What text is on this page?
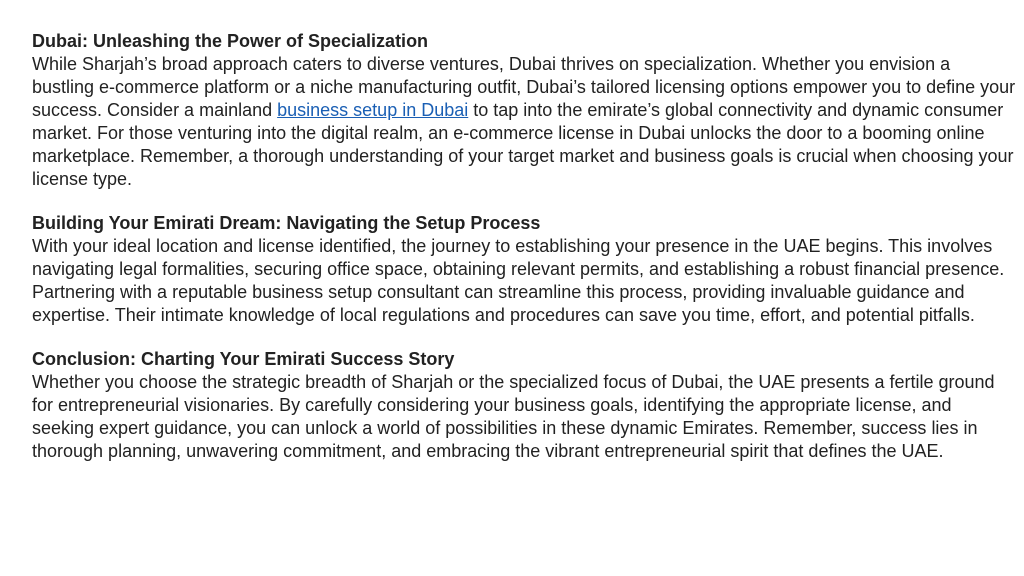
Dubai: Unleashing the Power of Specialization

While Sharjah’s broad approach caters to diverse ventures, Dubai thrives on specialization. Whether you envision a bustling e-commerce platform or a niche manufacturing outfit, Dubai’s tailored licensing options empower you to define your success. Consider a mainland business setup in Dubai to tap into the emirate’s global connectivity and dynamic consumer market. For those venturing into the digital realm, an e-commerce license in Dubai unlocks the door to a booming online marketplace. Remember, a thorough understanding of your target market and business goals is crucial when choosing your license type.

Building Your Emirati Dream: Navigating the Setup Process

With your ideal location and license identified, the journey to establishing your presence in the UAE begins. This involves navigating legal formalities, securing office space, obtaining relevant permits, and establishing a robust financial presence. Partnering with a reputable business setup consultant can streamline this process, providing invaluable guidance and expertise. Their intimate knowledge of local regulations and procedures can save you time, effort, and potential pitfalls.

Conclusion: Charting Your Emirati Success Story

Whether you choose the strategic breadth of Sharjah or the specialized focus of Dubai, the UAE presents a fertile ground for entrepreneurial visionaries. By carefully considering your business goals, identifying the appropriate license, and seeking expert guidance, you can unlock a world of possibilities in these dynamic Emirates. Remember, success lies in thorough planning, unwavering commitment, and embracing the vibrant entrepreneurial spirit that defines the UAE.
